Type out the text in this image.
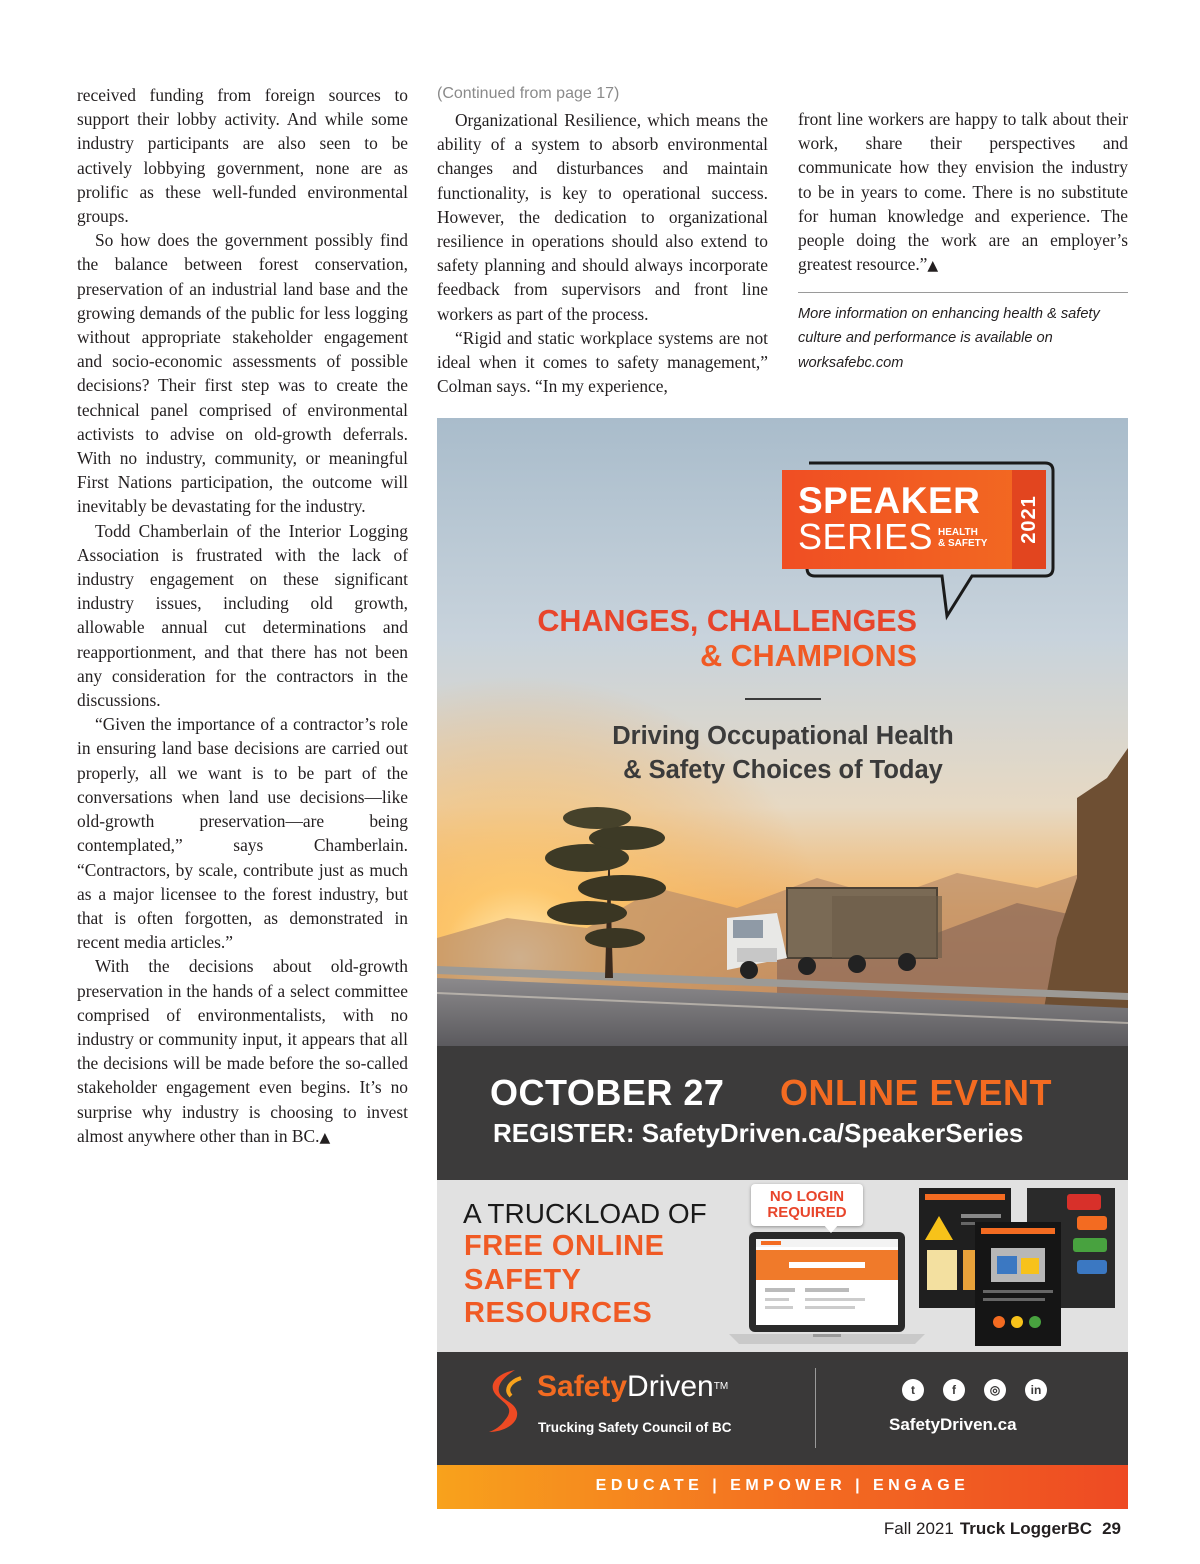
received funding from foreign sources to support their lobby activity. And while some industry participants are also seen to be actively lobbying government, none are as prolific as these well-funded environmental groups.

So how does the government possibly find the balance between forest conservation, preservation of an industrial land base and the growing demands of the public for less logging without appropriate stakeholder engagement and socio-economic assessments of possible decisions? Their first step was to create the technical panel comprised of environmental activists to advise on old-growth deferrals. With no industry, community, or meaningful First Nations participation, the outcome will inevitably be devastating for the industry.

Todd Chamberlain of the Interior Logging Association is frustrated with the lack of industry engagement on these significant industry issues, including old growth, allowable annual cut determinations and reapportionment, and that there has not been any consideration for the contractors in the discussions.

“Given the importance of a contractor’s role in ensuring land base decisions are carried out properly, all we want is to be part of the conversations when land use decisions—like old-growth preservation—are being contemplated,” says Chamberlain. “Contractors, by scale, contribute just as much as a major licensee to the forest industry, but that is often forgotten, as demonstrated in recent media articles.”

With the decisions about old-growth preservation in the hands of a select committee comprised of environmentalists, with no industry or community input, it appears that all the decisions will be made before the so-called stakeholder engagement even begins. It’s no surprise why industry is choosing to invest almost anywhere other than in BC.▲

(Continued from page 17)

Organizational Resilience, which means the ability of a system to absorb environmental changes and disturbances and maintain functionality, is key to operational success. However, the dedication to organizational resilience in operations should also extend to safety planning and should always incorporate feedback from supervisors and front line workers as part of the process.

“Rigid and static workplace systems are not ideal when it comes to safety management,” Colman says. “In my experience,

front line workers are happy to talk about their work, share their perspectives and communicate how they envision the industry to be in years to come. There is no substitute for human knowledge and experience. The people doing the work are an employer’s greatest resource.”▲

More information on enhancing health & safety culture and performance is available on worksafebc.com

SPEAKER
SERIES HEALTH
& SAFETY	2021
CHANGES, CHALLENGES
& CHAMPIONS
Driving Occupational Health
& Safety Choices of Today
OCTOBER 27 ONLINE EVENT
REGISTER: SafetyDriven.ca/SpeakerSeries
A TRUCKLOAD OF
FREE ONLINE
SAFETY
RESOURCES
NO LOGIN
REQUIRED
SafetyDriven™
Trucking Safety Council of BC
t	f	◎	in
SafetyDriven.ca
EDUCATE | EMPOWER | ENGAGE
Fall 2021 Truck LoggerBC 29
